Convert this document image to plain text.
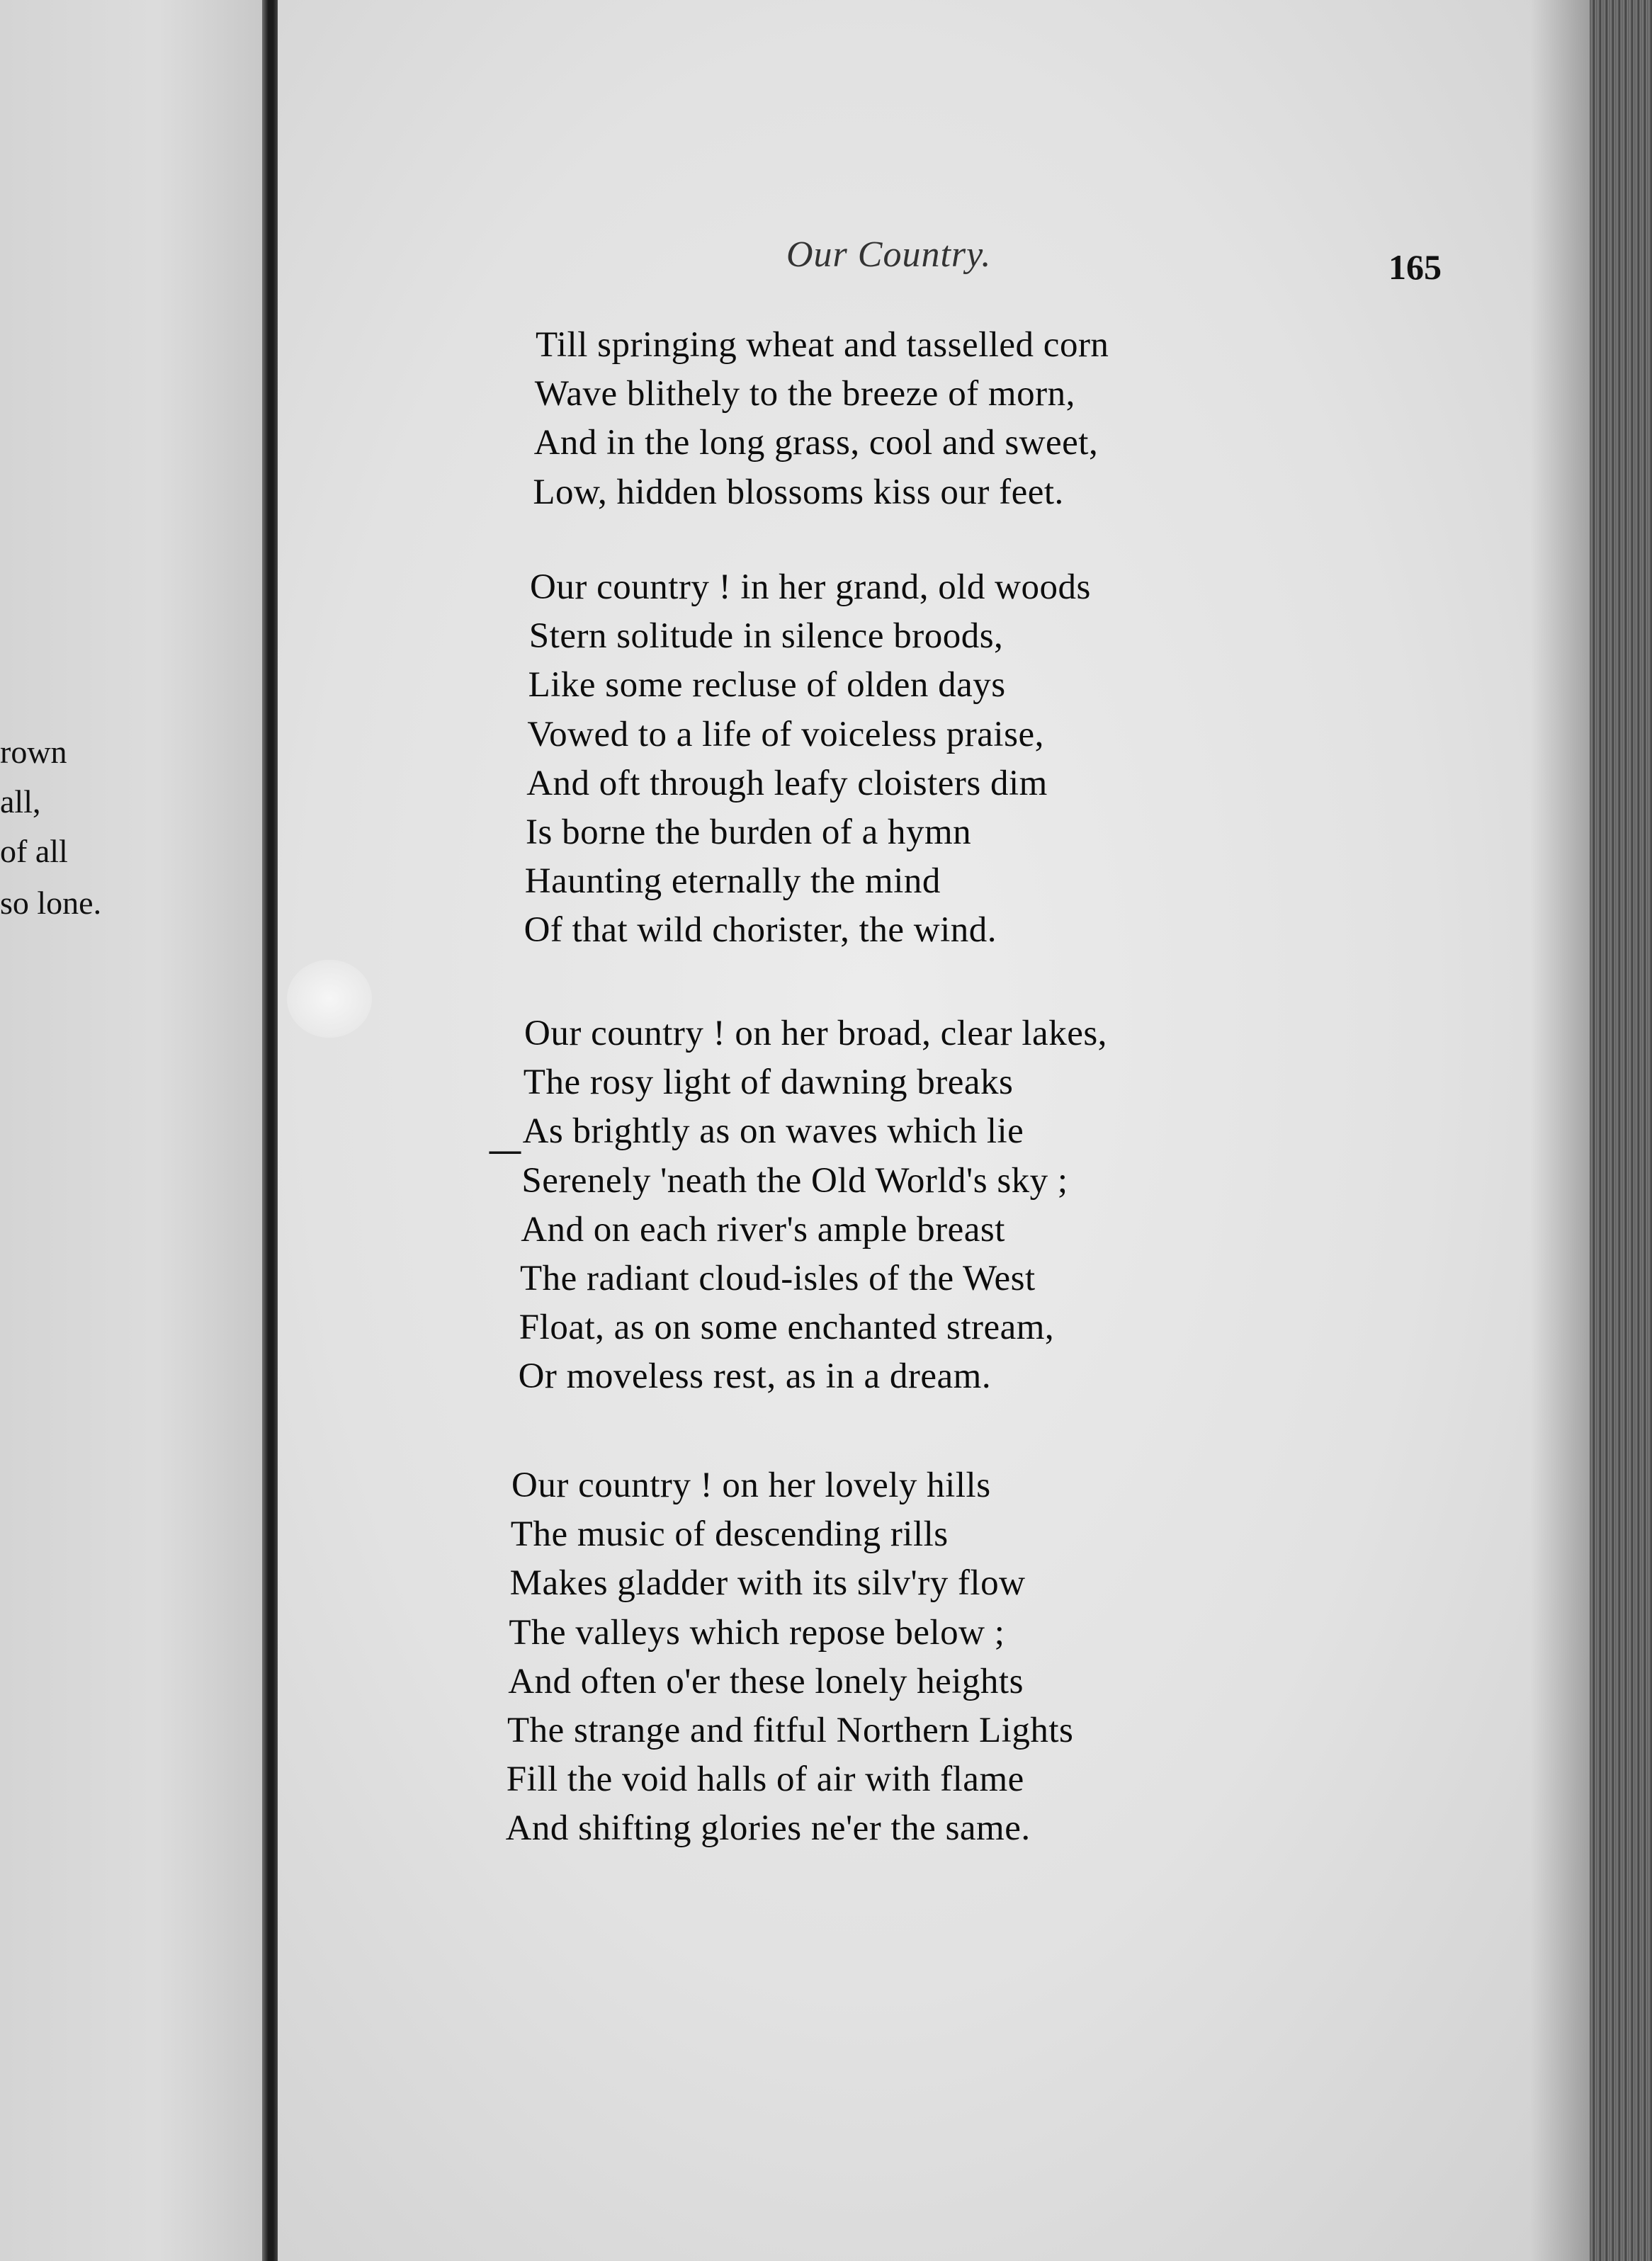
rown
all,
of all
so lone.
Our Country.	165
—
Till springing wheat and tasselled corn
Wave blithely to the breeze of morn,
And in the long grass, cool and sweet,
Low, hidden blossoms kiss our feet.
Our country ! in her grand, old woods
Stern solitude in silence broods,
Like some recluse of olden days
Vowed to a life of voiceless praise,
And oft through leafy cloisters dim
Is borne the burden of a hymn
Haunting eternally the mind
Of that wild chorister, the wind.
Our country ! on her broad, clear lakes,
The rosy light of dawning breaks
As brightly as on waves which lie
Serenely 'neath the Old World's sky ;
And on each river's ample breast
The radiant cloud-isles of the West
Float, as on some enchanted stream,
Or moveless rest, as in a dream.
Our country ! on her lovely hills
The music of descending rills
Makes gladder with its silv'ry flow
The valleys which repose below ;
And often o'er these lonely heights
The strange and fitful Northern Lights
Fill the void halls of air with flame
And shifting glories ne'er the same.
